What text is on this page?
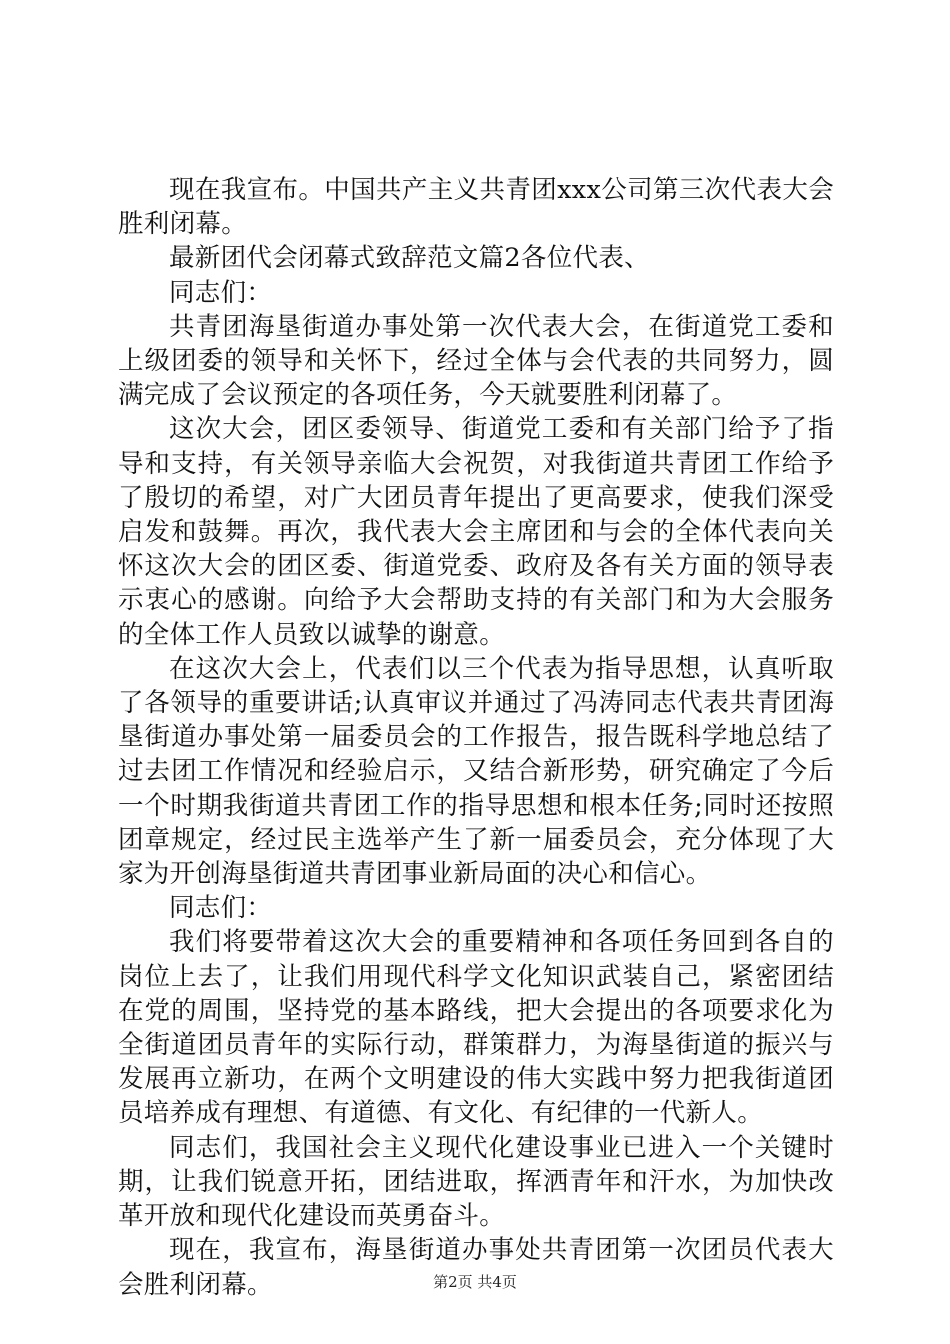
现在我宣布。中国共产主义共青团xxx公司第三次代表大会胜利闭幕。

最新团代会闭幕式致辞范文篇2各位代表、

同志们：

共青团海垦街道办事处第一次代表大会，在街道党工委和上级团委的领导和关怀下，经过全体与会代表的共同努力，圆满完成了会议预定的各项任务，今天就要胜利闭幕了。

这次大会，团区委领导、街道党工委和有关部门给予了指导和支持，有关领导亲临大会祝贺，对我街道共青团工作给予了殷切的希望，对广大团员青年提出了更高要求，使我们深受启发和鼓舞。再次，我代表大会主席团和与会的全体代表向关怀这次大会的团区委、街道党委、政府及各有关方面的领导表示衷心的感谢。向给予大会帮助支持的有关部门和为大会服务的全体工作人员致以诚挚的谢意。

在这次大会上，代表们以三个代表为指导思想，认真听取了各领导的重要讲话;认真审议并通过了冯涛同志代表共青团海垦街道办事处第一届委员会的工作报告，报告既科学地总结了过去团工作情况和经验启示，又结合新形势，研究确定了今后一个时期我街道共青团工作的指导思想和根本任务;同时还按照团章规定，经过民主选举产生了新一届委员会，充分体现了大家为开创海垦街道共青团事业新局面的决心和信心。

同志们：

我们将要带着这次大会的重要精神和各项任务回到各自的岗位上去了，让我们用现代科学文化知识武装自己，紧密团结在党的周围，坚持党的基本路线，把大会提出的各项要求化为全街道团员青年的实际行动，群策群力，为海垦街道的振兴与发展再立新功，在两个文明建设的伟大实践中努力把我街道团员培养成有理想、有道德、有文化、有纪律的一代新人。

同志们，我国社会主义现代化建设事业已进入一个关键时期，让我们锐意开拓，团结进取，挥洒青年和汗水，为加快改革开放和现代化建设而英勇奋斗。

现在，我宣布，海垦街道办事处共青团第一次团员代表大会胜利闭幕。	第2页 共4页
